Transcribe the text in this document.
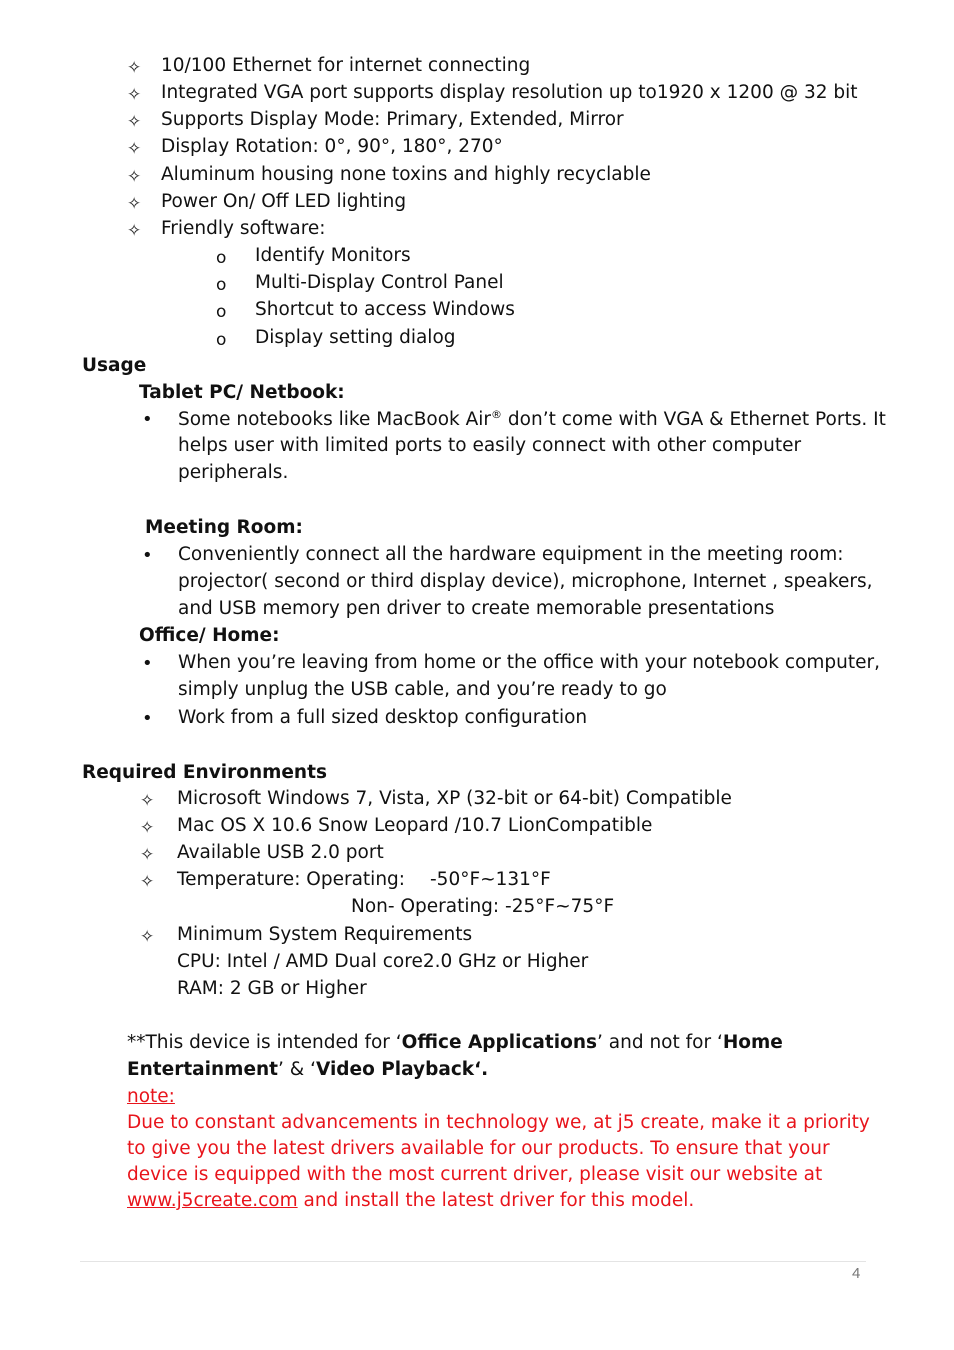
✧ 10/100 Ethernet for internet connecting
✧ Integrated VGA port supports display resolution up to1920 x 1200 @ 32 bit
✧ Supports Display Mode: Primary, Extended, Mirror
✧ Display Rotation: 0°, 90°, 180°, 270°
✧ Aluminum housing none toxins and highly recyclable
✧ Power On/ Off LED lighting
✧ Friendly software:
o Identify Monitors
o Multi-Display Control Panel
o Shortcut to access Windows
o Display setting dialog
Usage
Tablet PC/ Netbook:
• Some notebooks like MacBook Air® don’t come with VGA & Ethernet Ports. It
helps user with limited ports to easily connect with other computer
peripherals.
Meeting Room:
• Conveniently connect all the hardware equipment in the meeting room:
projector( second or third display device), microphone, Internet , speakers,
and USB memory pen driver to create memorable presentations
Office/ Home:
• When you’re leaving from home or the office with your notebook computer,
simply unplug the USB cable, and you’re ready to go
• Work from a full sized desktop configuration
Required Environments
✧ Microsoft Windows 7, Vista, XP (32-bit or 64-bit) Compatible
✧ Mac OS X 10.6 Snow Leopard /10.7 LionCompatible
✧ Available USB 2.0 port
✧ Temperature: Operating: -50°F~131°F
Non- Operating: -25°F~75°F
✧ Minimum System Requirements
CPU: Intel / AMD Dual core2.0 GHz or Higher
RAM: 2 GB or Higher
**This device is intended for ‘Office Applications’ and not for ‘Home
Entertainment’ & ‘Video Playback‘.
note:
Due to constant advancements in technology we, at j5 create, make it a priority
to give you the latest drivers available for our products. To ensure that your
device is equipped with the most current driver, please visit our website at
www.j5create.com and install the latest driver for this model.
4
